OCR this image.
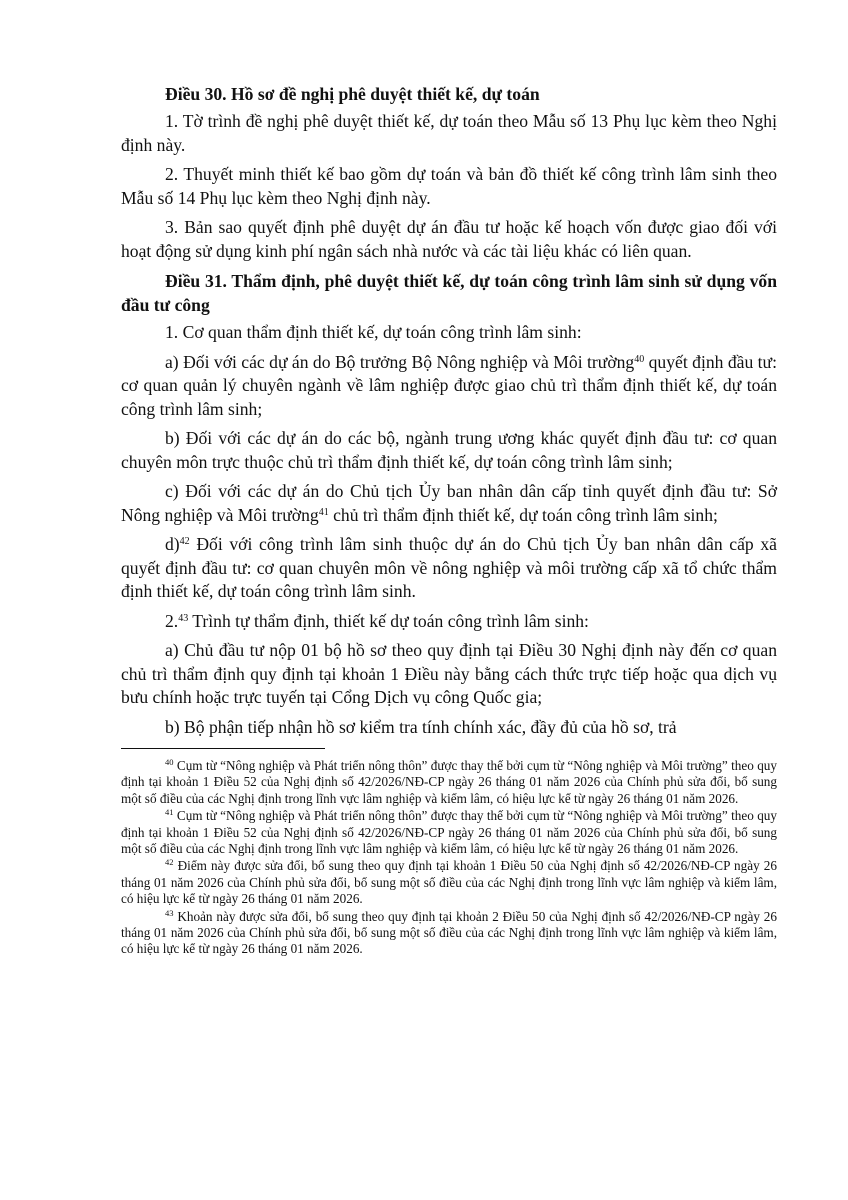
Điều 30. Hồ sơ đề nghị phê duyệt thiết kế, dự toán

1. Tờ trình đề nghị phê duyệt thiết kế, dự toán theo Mẫu số 13 Phụ lục kèm theo Nghị định này.

2. Thuyết minh thiết kế bao gồm dự toán và bản đồ thiết kế công trình lâm sinh theo Mẫu số 14 Phụ lục kèm theo Nghị định này.

3. Bản sao quyết định phê duyệt dự án đầu tư hoặc kế hoạch vốn được giao đối với hoạt động sử dụng kinh phí ngân sách nhà nước và các tài liệu khác có liên quan.

Điều 31. Thẩm định, phê duyệt thiết kế, dự toán công trình lâm sinh sử dụng vốn đầu tư công

1. Cơ quan thẩm định thiết kế, dự toán công trình lâm sinh:

a) Đối với các dự án do Bộ trưởng Bộ Nông nghiệp và Môi trường$^{40}$ quyết định đầu tư: cơ quan quản lý chuyên ngành về lâm nghiệp được giao chủ trì thẩm định thiết kế, dự toán công trình lâm sinh;

b) Đối với các dự án do các bộ, ngành trung ương khác quyết định đầu tư: cơ quan chuyên môn trực thuộc chủ trì thẩm định thiết kế, dự toán công trình lâm sinh;

c) Đối với các dự án do Chủ tịch Ủy ban nhân dân cấp tỉnh quyết định đầu tư: Sở Nông nghiệp và Môi trường$^{41}$ chủ trì thẩm định thiết kế, dự toán công trình lâm sinh;

d)$^{42}$ Đối với công trình lâm sinh thuộc dự án do Chủ tịch Ủy ban nhân dân cấp xã quyết định đầu tư: cơ quan chuyên môn về nông nghiệp và môi trường cấp xã tổ chức thẩm định thiết kế, dự toán công trình lâm sinh.

2.43 Trình tự thẩm định, thiết kế dự toán công trình lâm sinh:

a) Chủ đầu tư nộp 01 bộ hồ sơ theo quy định tại Điều 30 Nghị định này đến cơ quan chủ trì thẩm định quy định tại khoản 1 Điều này bằng cách thức trực tiếp hoặc qua dịch vụ bưu chính hoặc trực tuyến tại Cổng Dịch vụ công Quốc gia;

b) Bộ phận tiếp nhận hồ sơ kiểm tra tính chính xác, đầy đủ của hồ sơ, trả

$^{40}$ Cụm từ “Nông nghiệp và Phát triển nông thôn” được thay thế bởi cụm từ “Nông nghiệp và Môi trường” theo quy định tại khoản 1 Điều 52 của Nghị định số 42/2026/NĐ-CP ngày 26 tháng 01 năm 2026 của Chính phủ sửa đổi, bổ sung một số điều của các Nghị định trong lĩnh vực lâm nghiệp và kiểm lâm, có hiệu lực kể từ ngày 26 tháng 01 năm 2026.

$^{41}$ Cụm từ “Nông nghiệp và Phát triển nông thôn” được thay thế bởi cụm từ “Nông nghiệp và Môi trường” theo quy định tại khoản 1 Điều 52 của Nghị định số 42/2026/NĐ-CP ngày 26 tháng 01 năm 2026 của Chính phủ sửa đổi, bổ sung một số điều của các Nghị định trong lĩnh vực lâm nghiệp và kiểm lâm, có hiệu lực kể từ ngày 26 tháng 01 năm 2026.

$^{42}$ Điểm này được sửa đổi, bổ sung theo quy định tại khoản 1 Điều 50 của Nghị định số 42/2026/NĐ-CP ngày 26 tháng 01 năm 2026 của Chính phủ sửa đổi, bổ sung một số điều của các Nghị định trong lĩnh vực lâm nghiệp và kiểm lâm, có hiệu lực kể từ ngày 26 tháng 01 năm 2026.

$^{43}$ Khoản này được sửa đổi, bổ sung theo quy định tại khoản 2 Điều 50 của Nghị định số 42/2026/NĐ-CP ngày 26 tháng 01 năm 2026 của Chính phủ sửa đổi, bổ sung một số điều của các Nghị định trong lĩnh vực lâm nghiệp và kiểm lâm, có hiệu lực kể từ ngày 26 tháng 01 năm 2026.
